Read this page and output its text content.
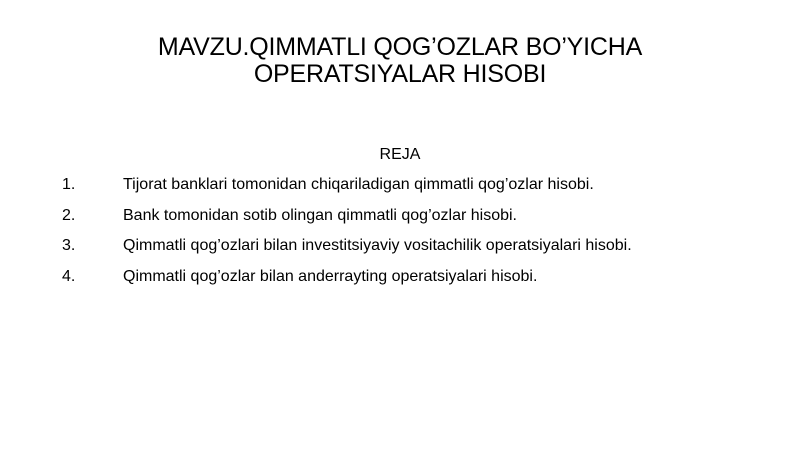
MAVZU.QIMMATLI QOG’OZLAR BO’YICHA
OPERATSIYALAR HISOBI
REJA
1.	Tijorat banklari tomonidan chiqariladigan qimmatli qog’ozlar hisobi.
2.	Bank tomonidan sotib olingan qimmatli qog’ozlar hisobi.
3.	Qimmatli qog’ozlari bilan investitsiyaviy vositachilik operatsiyalari hisobi.
4.	Qimmatli qog’ozlar bilan anderrayting operatsiyalari hisobi.
